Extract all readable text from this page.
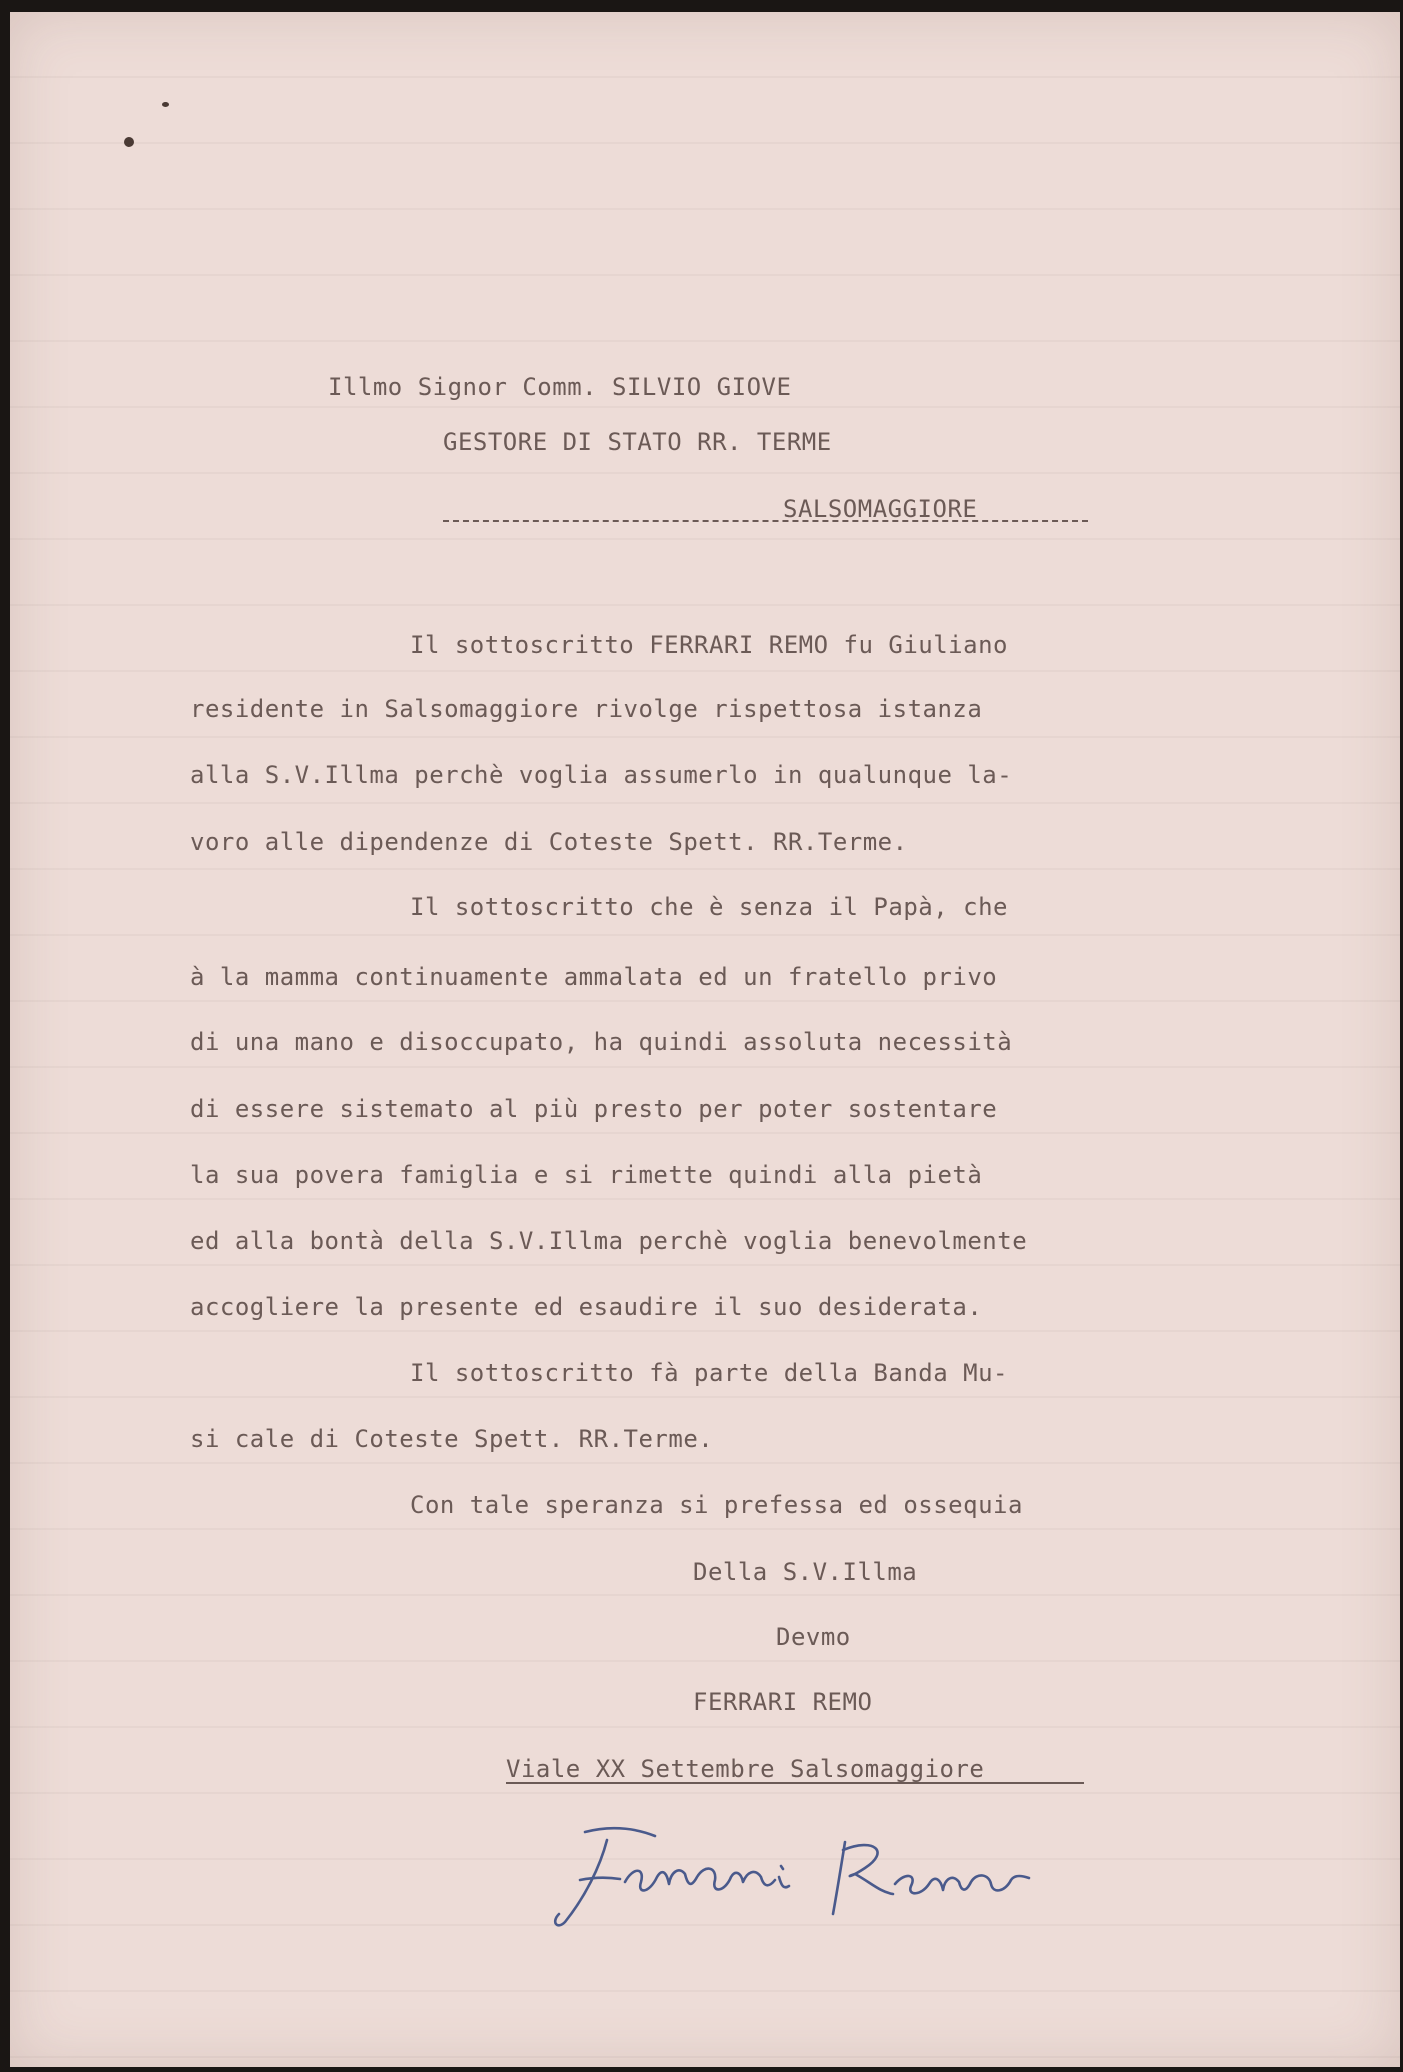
Illmo Signor Comm. SILVIO GIOVE
GESTORE DI STATO RR. TERME
SALSOMAGGIORE
Il sottoscritto FERRARI REMO fu Giuliano
residente in Salsomaggiore rivolge rispettosa istanza
alla S.V.Illma perchè voglia assumerlo in qualunque la-
voro alle dipendenze di Coteste Spett. RR.Terme.
Il sottoscritto che è senza il Papà, che
à la mamma continuamente ammalata ed un fratello privo
di una mano e disoccupato, ha quindi assoluta necessità
di essere sistemato al più presto per poter sostentare
la sua povera famiglia e si rimette quindi alla pietà
ed alla bontà della S.V.Illma perchè voglia benevolmente
accogliere la presente ed esaudire il suo desiderata.
Il sottoscritto fà parte della Banda Mu-
si cale di Coteste Spett. RR.Terme.
Con tale speranza si prefessa ed ossequia
Della S.V.Illma
Devmo
FERRARI REMO
Viale XX Settembre Salsomaggiore
